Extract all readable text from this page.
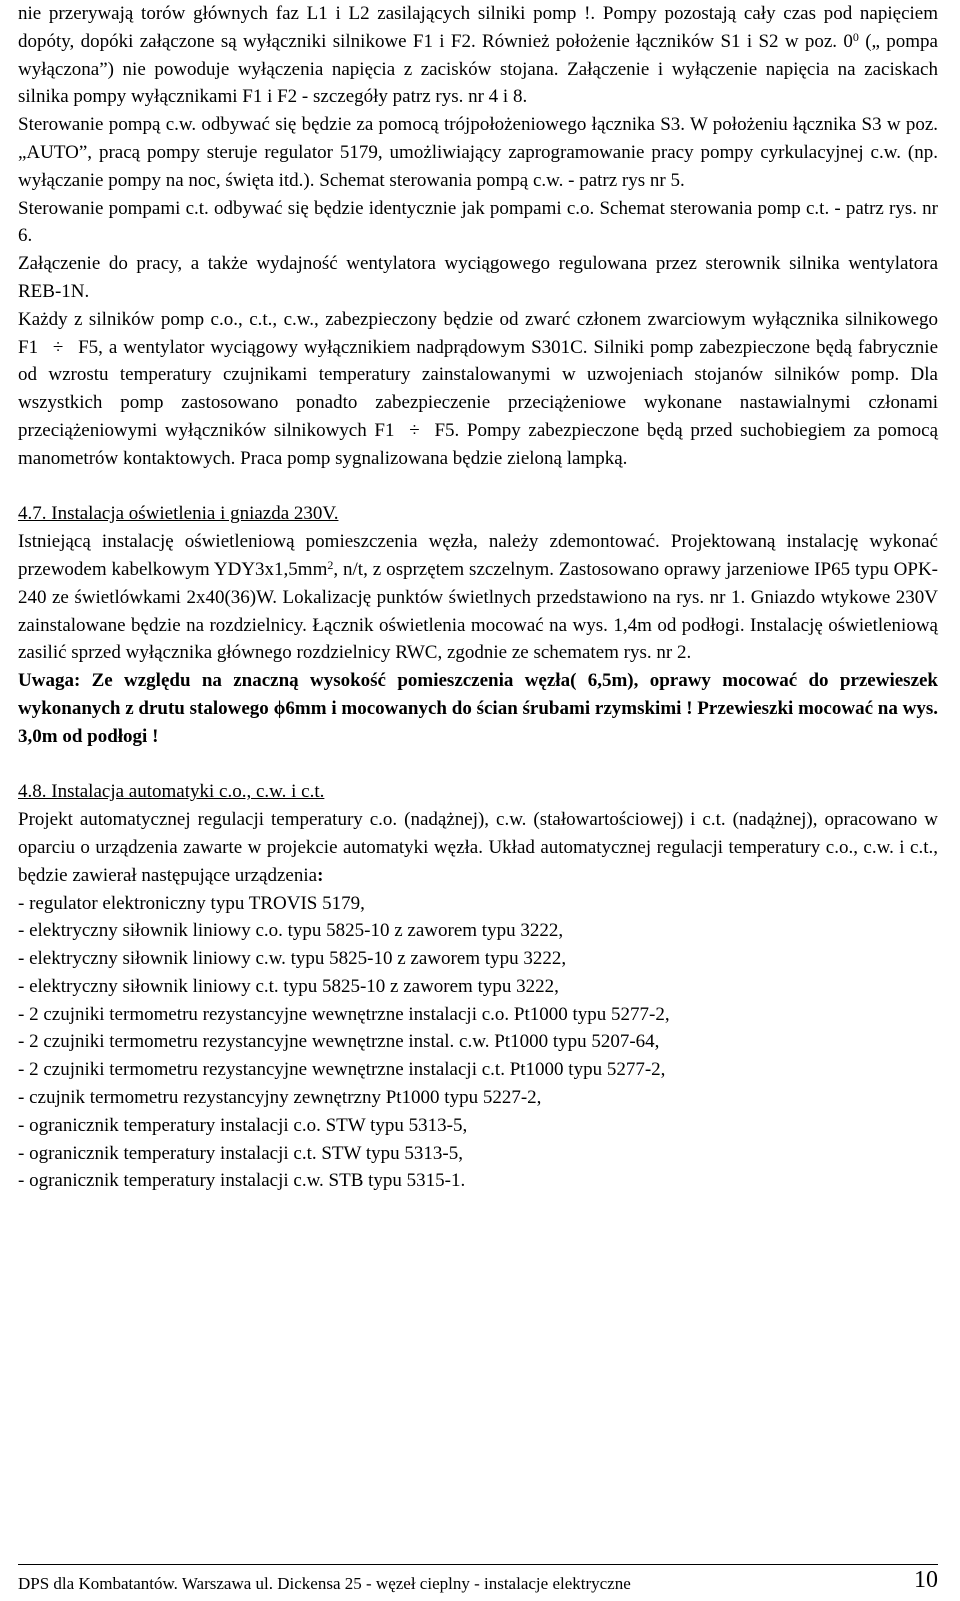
nie przerywają torów głównych faz L1 i L2 zasilających silniki pomp !. Pompy pozostają cały czas pod napięciem dopóty, dopóki załączone są wyłączniki silnikowe F1 i F2. Również położenie łączników S1 i S2 w poz. $0^0$ („ pompa wyłączona”) nie powoduje wyłączenia napięcia z zacisków stojana. Załączenie i wyłączenie napięcia na zaciskach silnika pompy wyłącznikami F1 i F2 - szczegóły patrz rys. nr 4 i 8.

Sterowanie pompą c.w. odbywać się będzie za pomocą trójpołożeniowego łącznika S3. W położeniu łącznika S3 w poz. „AUTO”, pracą pompy steruje regulator 5179, umożliwiający zaprogramowanie pracy pompy cyrkulacyjnej c.w. (np. wyłączanie pompy na noc, święta itd.). Schemat sterowania pompą c.w. - patrz rys nr 5.

Sterowanie pompami c.t. odbywać się będzie identycznie jak pompami c.o. Schemat sterowania pomp c.t. - patrz rys. nr 6.

Załączenie do pracy, a także wydajność wentylatora wyciągowego regulowana przez sterownik silnika wentylatora REB-1N.

Każdy z silników pomp c.o., c.t., c.w., zabezpieczony będzie od zwarć członem zwarciowym wyłącznika silnikowego F1 ÷ F5, a wentylator wyciągowy wyłącznikiem nadprądowym S301C. Silniki pomp zabezpieczone będą fabrycznie od wzrostu temperatury czujnikami temperatury zainstalowanymi w uzwojeniach stojanów silników pomp. Dla wszystkich pomp zastosowano ponadto zabezpieczenie przeciążeniowe wykonane nastawialnymi członami przeciążeniowymi wyłączników silnikowych F1 ÷ F5. Pompy zabezpieczone będą przed suchobiegiem za pomocą manometrów kontaktowych. Praca pomp sygnalizowana będzie zieloną lampką.

4.7. Instalacja oświetlenia i gniazda 230V.

Istniejącą instalację oświetleniową pomieszczenia węzła, należy zdemontować. Projektowaną instalację wykonać przewodem kabelkowym $YDY3x1,5mm^2$, n/t, z osprzętem szczelnym. Zastosowano oprawy jarzeniowe IP65 typu OPK-240 ze świetlówkami 2x40(36)W. Lokalizację punktów świetlnych przedstawiono na rys. nr 1. Gniazdo wtykowe 230V zainstalowane będzie na rozdzielnicy. Łącznik oświetlenia mocować na wys. 1,4m od podłogi. Instalację oświetleniową zasilić sprzed wyłącznika głównego rozdzielnicy RWC, zgodnie ze schematem rys. nr 2.

Uwaga: Ze względu na znaczną wysokość pomieszczenia węzła( 6,5m), oprawy mocować do przewieszek wykonanych z drutu stalowego ϕ6mm i mocowanych do ścian śrubami rzymskimi ! Przewieszki mocować na wys. 3,0m od podłogi !

4.8. Instalacja automatyki c.o., c.w. i c.t.

Projekt automatycznej regulacji temperatury c.o. (nadążnej), c.w. (stałowartościowej) i c.t. (nadążnej), opracowano w oparciu o urządzenia zawarte w projekcie automatyki węzła. Układ automatycznej regulacji temperatury c.o., c.w. i c.t., będzie zawierał następujące urządzenia:

- regulator elektroniczny typu TROVIS 5179,
- elektryczny siłownik liniowy c.o. typu 5825-10 z zaworem typu 3222,
- elektryczny siłownik liniowy c.w. typu 5825-10 z zaworem typu 3222,
- elektryczny siłownik liniowy c.t. typu 5825-10 z zaworem typu 3222,
- 2 czujniki termometru rezystancyjne wewnętrzne instalacji c.o. Pt1000 typu 5277-2,
- 2 czujniki termometru rezystancyjne wewnętrzne instal. c.w. Pt1000 typu 5207-64,
- 2 czujniki termometru rezystancyjne wewnętrzne instalacji c.t. Pt1000 typu 5277-2,
- czujnik termometru rezystancyjny zewnętrzny Pt1000 typu 5227-2,
- ogranicznik temperatury instalacji c.o. STW typu 5313-5,
- ogranicznik temperatury instalacji c.t. STW typu 5313-5,
- ogranicznik temperatury instalacji c.w. STB typu 5315-1.
DPS dla Kombatantów. Warszawa ul. Dickensa 25 - węzeł cieplny - instalacje elektryczne	10
